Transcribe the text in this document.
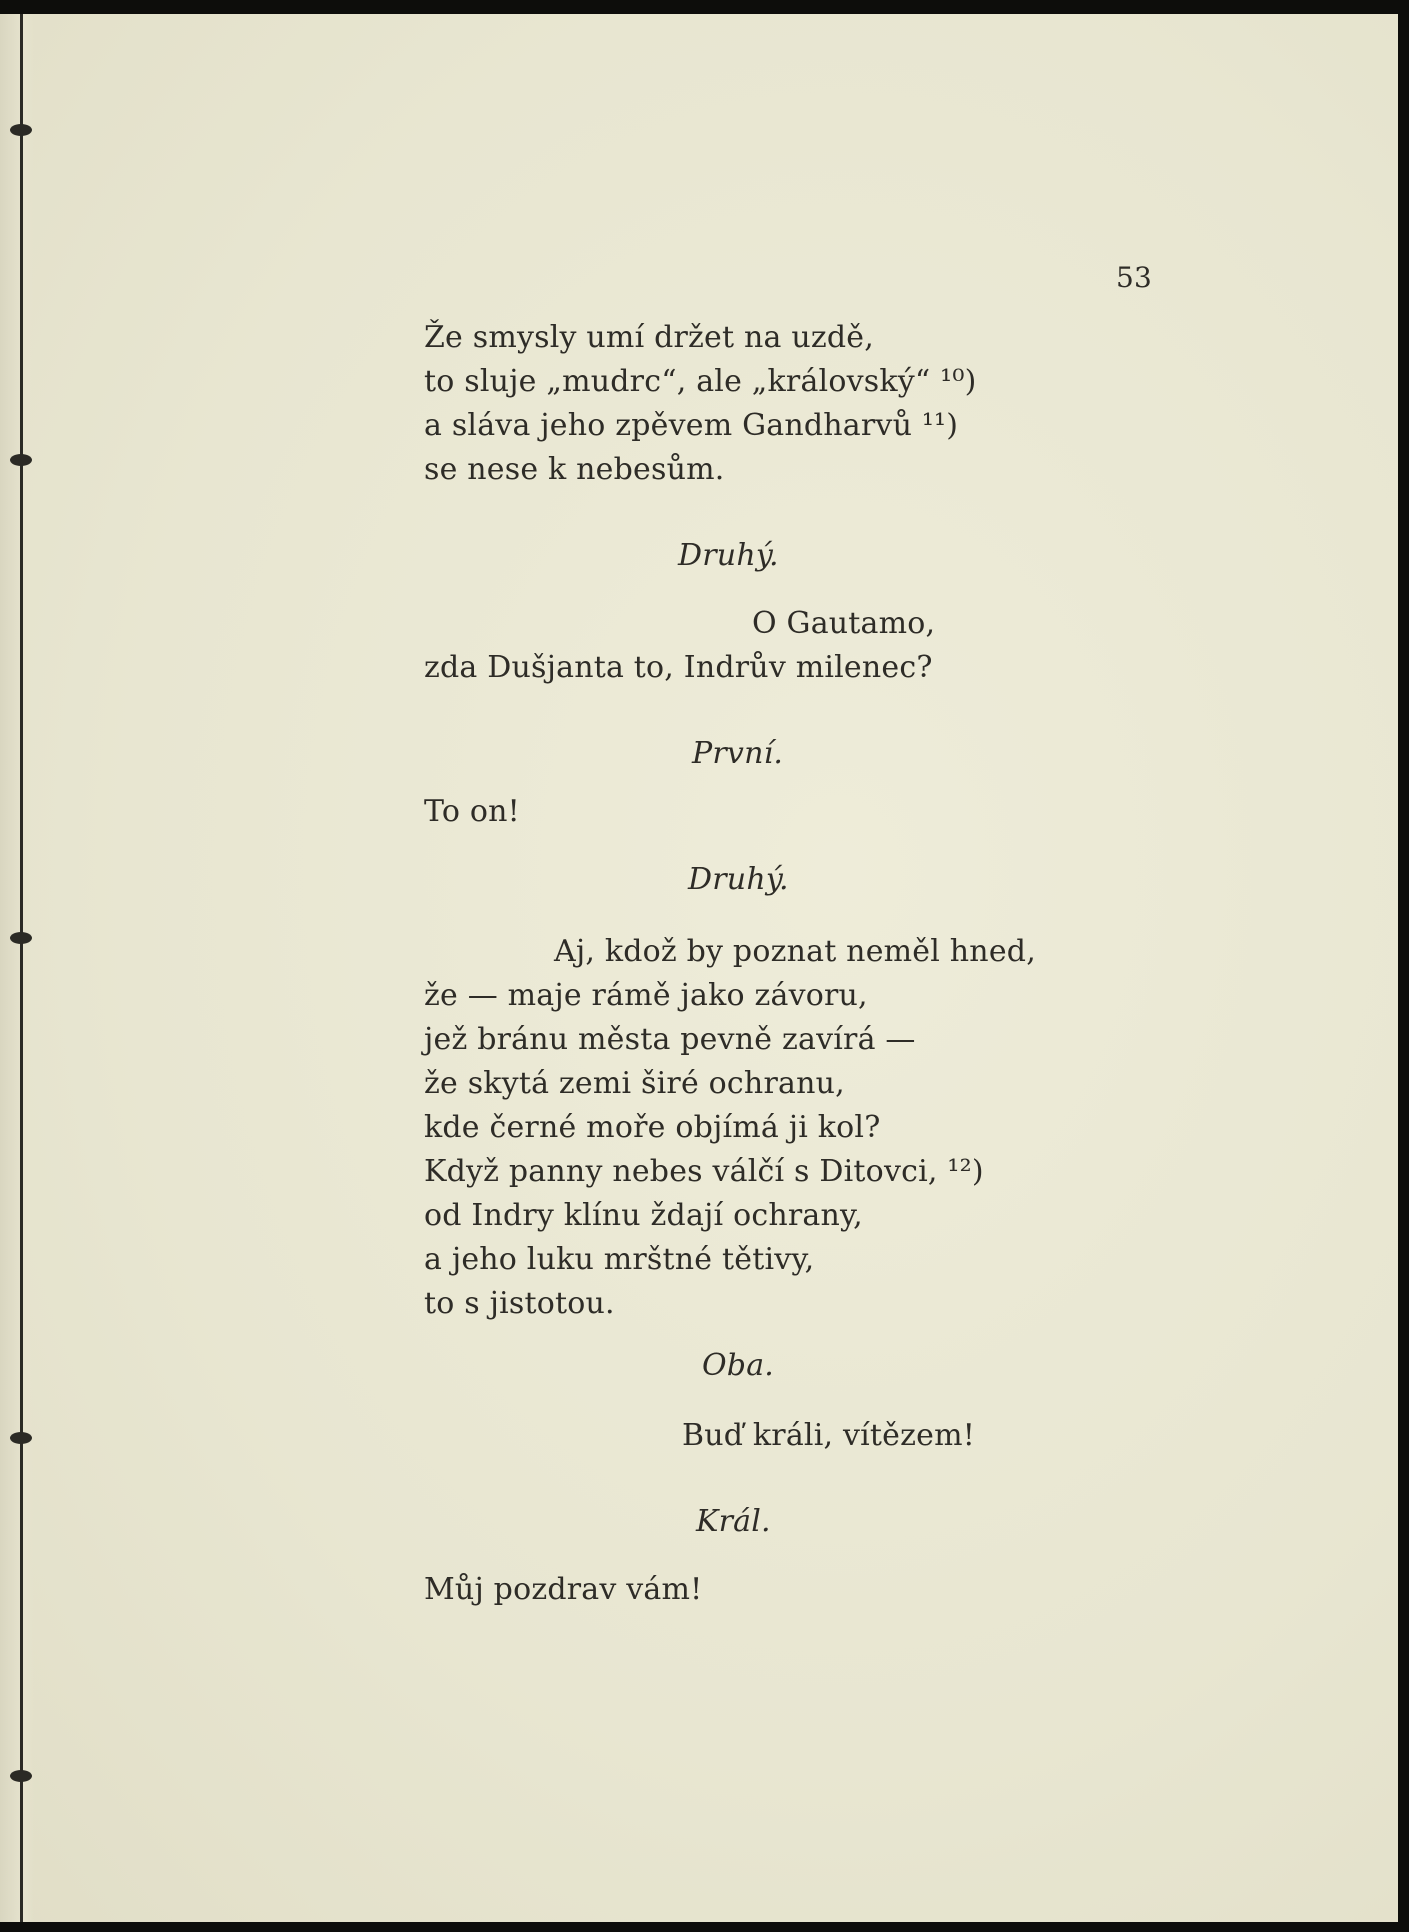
53

Že smysly umí držet na uzdě,

to sluje „mudrc“, ale „královský“ ¹⁰)

a sláva jeho zpěvem Gandharvů ¹¹)

se nese k nebesům.

Druhý.

O Gautamo,

zda Dušjanta to, Indrův milenec?

První.

To on!

Druhý.

Aj, kdož by poznat neměl hned,

že — maje rámě jako závoru,

jež bránu města pevně zavírá —

že skytá zemi širé ochranu,

kde černé moře objímá ji kol?

Když panny nebes válčí s Ditovci, ¹²)

od Indry klínu ždají ochrany,

a jeho luku mrštné tětivy,

to s jistotou.

Oba.

Buď králi, vítězem!

Král.

Můj pozdrav vám!
